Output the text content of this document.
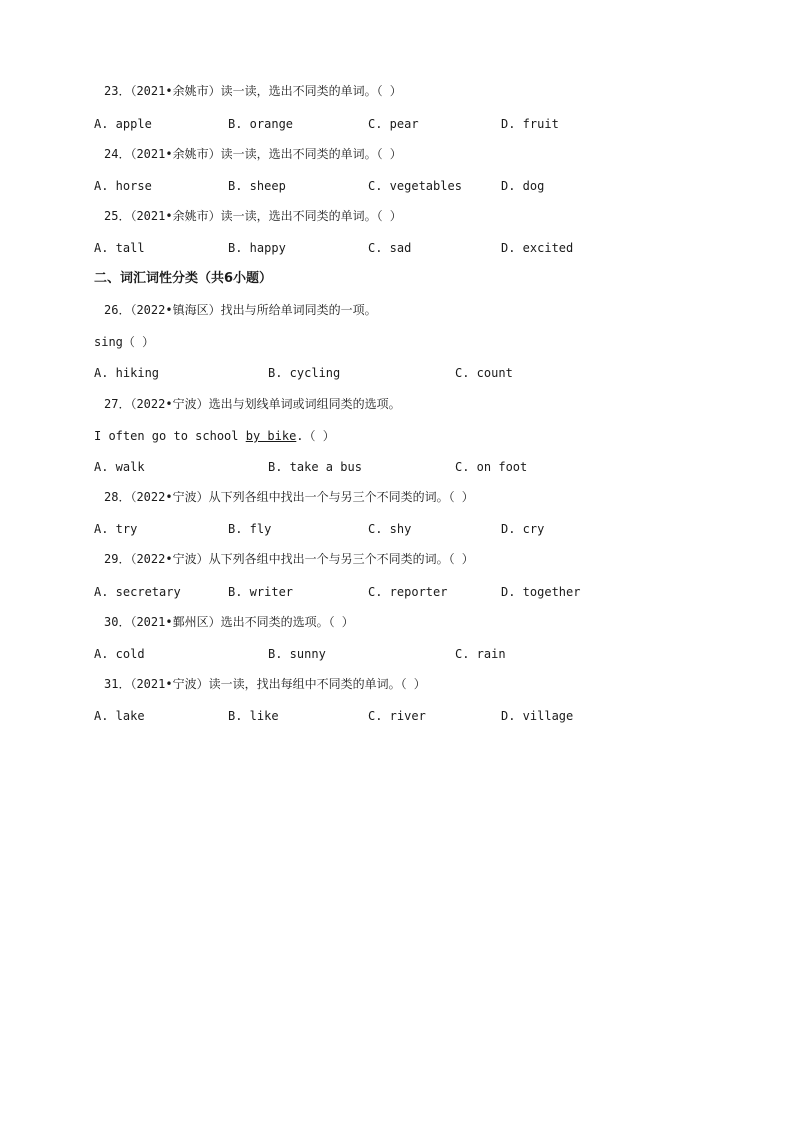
23．（2021•余姚市）读一读，选出不同类的单词。（ ）
A. apple	B. orange	C. pear	D. fruit
24．（2021•余姚市）读一读，选出不同类的单词。（ ）
A. horse	B. sheep	C. vegetables	D. dog
25．（2021•余姚市）读一读，选出不同类的单词。（ ）
A. tall	B. happy	C. sad	D. excited
二、词汇词性分类（共6小题）
26．（2022•镇海区）找出与所给单词同类的一项。
sing（ ）
A. hiking	B. cycling	C. count
27．（2022•宁波）选出与划线单词或词组同类的选项。
I often go to school by bike.（ ）
A. walk	B. take a bus	C. on foot
28．（2022•宁波）从下列各组中找出一个与另三个不同类的词。（ ）
A. try	B. fly	C. shy	D. cry
29．（2022•宁波）从下列各组中找出一个与另三个不同类的词。（ ）
A. secretary	B. writer	C. reporter	D. together
30．（2021•鄞州区）选出不同类的选项。（ ）
A. cold	B. sunny	C. rain
31．（2021•宁波）读一读，找出每组中不同类的单词。（ ）
A. lake	B. like	C. river	D. village
